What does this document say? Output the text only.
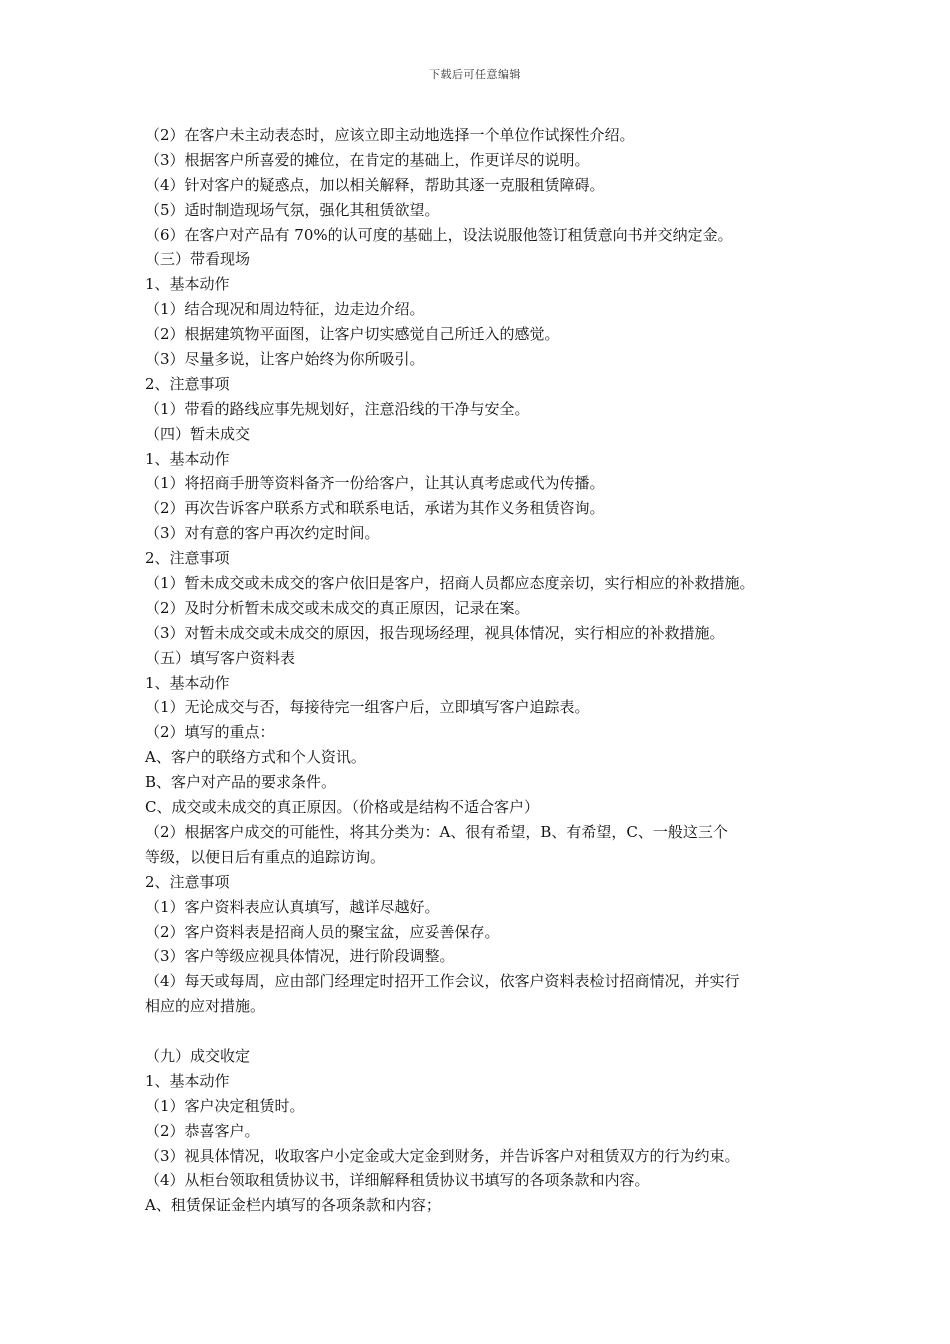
下载后可任意编辑
（2）在客户未主动表态时，应该立即主动地选择一个单位作试探性介绍。
（3）根据客户所喜爱的摊位，在肯定的基础上，作更详尽的说明。
（4）针对客户的疑惑点，加以相关解释，帮助其逐一克服租赁障碍。
（5）适时制造现场气氛，强化其租赁欲望。
（6）在客户对产品有 70%的认可度的基础上，设法说服他签订租赁意向书并交纳定金。
（三）带看现场
1、基本动作
（1）结合现况和周边特征，边走边介绍。
（2）根据建筑物平面图，让客户切实感觉自己所迁入的感觉。
（3）尽量多说，让客户始终为你所吸引。
2、注意事项
（1）带看的路线应事先规划好，注意沿线的干净与安全。
（四）暂未成交
1、基本动作
（1）将招商手册等资料备齐一份给客户，让其认真考虑或代为传播。
（2）再次告诉客户联系方式和联系电话，承诺为其作义务租赁咨询。
（3）对有意的客户再次约定时间。
2、注意事项
（1）暂未成交或未成交的客户依旧是客户，招商人员都应态度亲切，实行相应的补救措施。
（2）及时分析暂未成交或未成交的真正原因，记录在案。
（3）对暂未成交或未成交的原因，报告现场经理，视具体情况，实行相应的补救措施。
（五）填写客户资料表
1、基本动作
（1）无论成交与否，每接待完一组客户后，立即填写客户追踪表。
（2）填写的重点：
A、客户的联络方式和个人资讯。
B、客户对产品的要求条件。
C、成交或未成交的真正原因。（价格或是结构不适合客户）
（2）根据客户成交的可能性，将其分类为：A、很有希望，B、有希望，C、一般这三个
等级，以便日后有重点的追踪访询。
2、注意事项
（1）客户资料表应认真填写，越详尽越好。
（2）客户资料表是招商人员的聚宝盆，应妥善保存。
（3）客户等级应视具体情况，进行阶段调整。
（4）每天或每周，应由部门经理定时招开工作会议，依客户资料表检讨招商情况，并实行
相应的应对措施。
（九）成交收定
1、基本动作
（1）客户决定租赁时。
（2）恭喜客户。
（3）视具体情况，收取客户小定金或大定金到财务，并告诉客户对租赁双方的行为约束。
（4）从柜台领取租赁协议书，详细解释租赁协议书填写的各项条款和内容。
A、租赁保证金栏内填写的各项条款和内容；
